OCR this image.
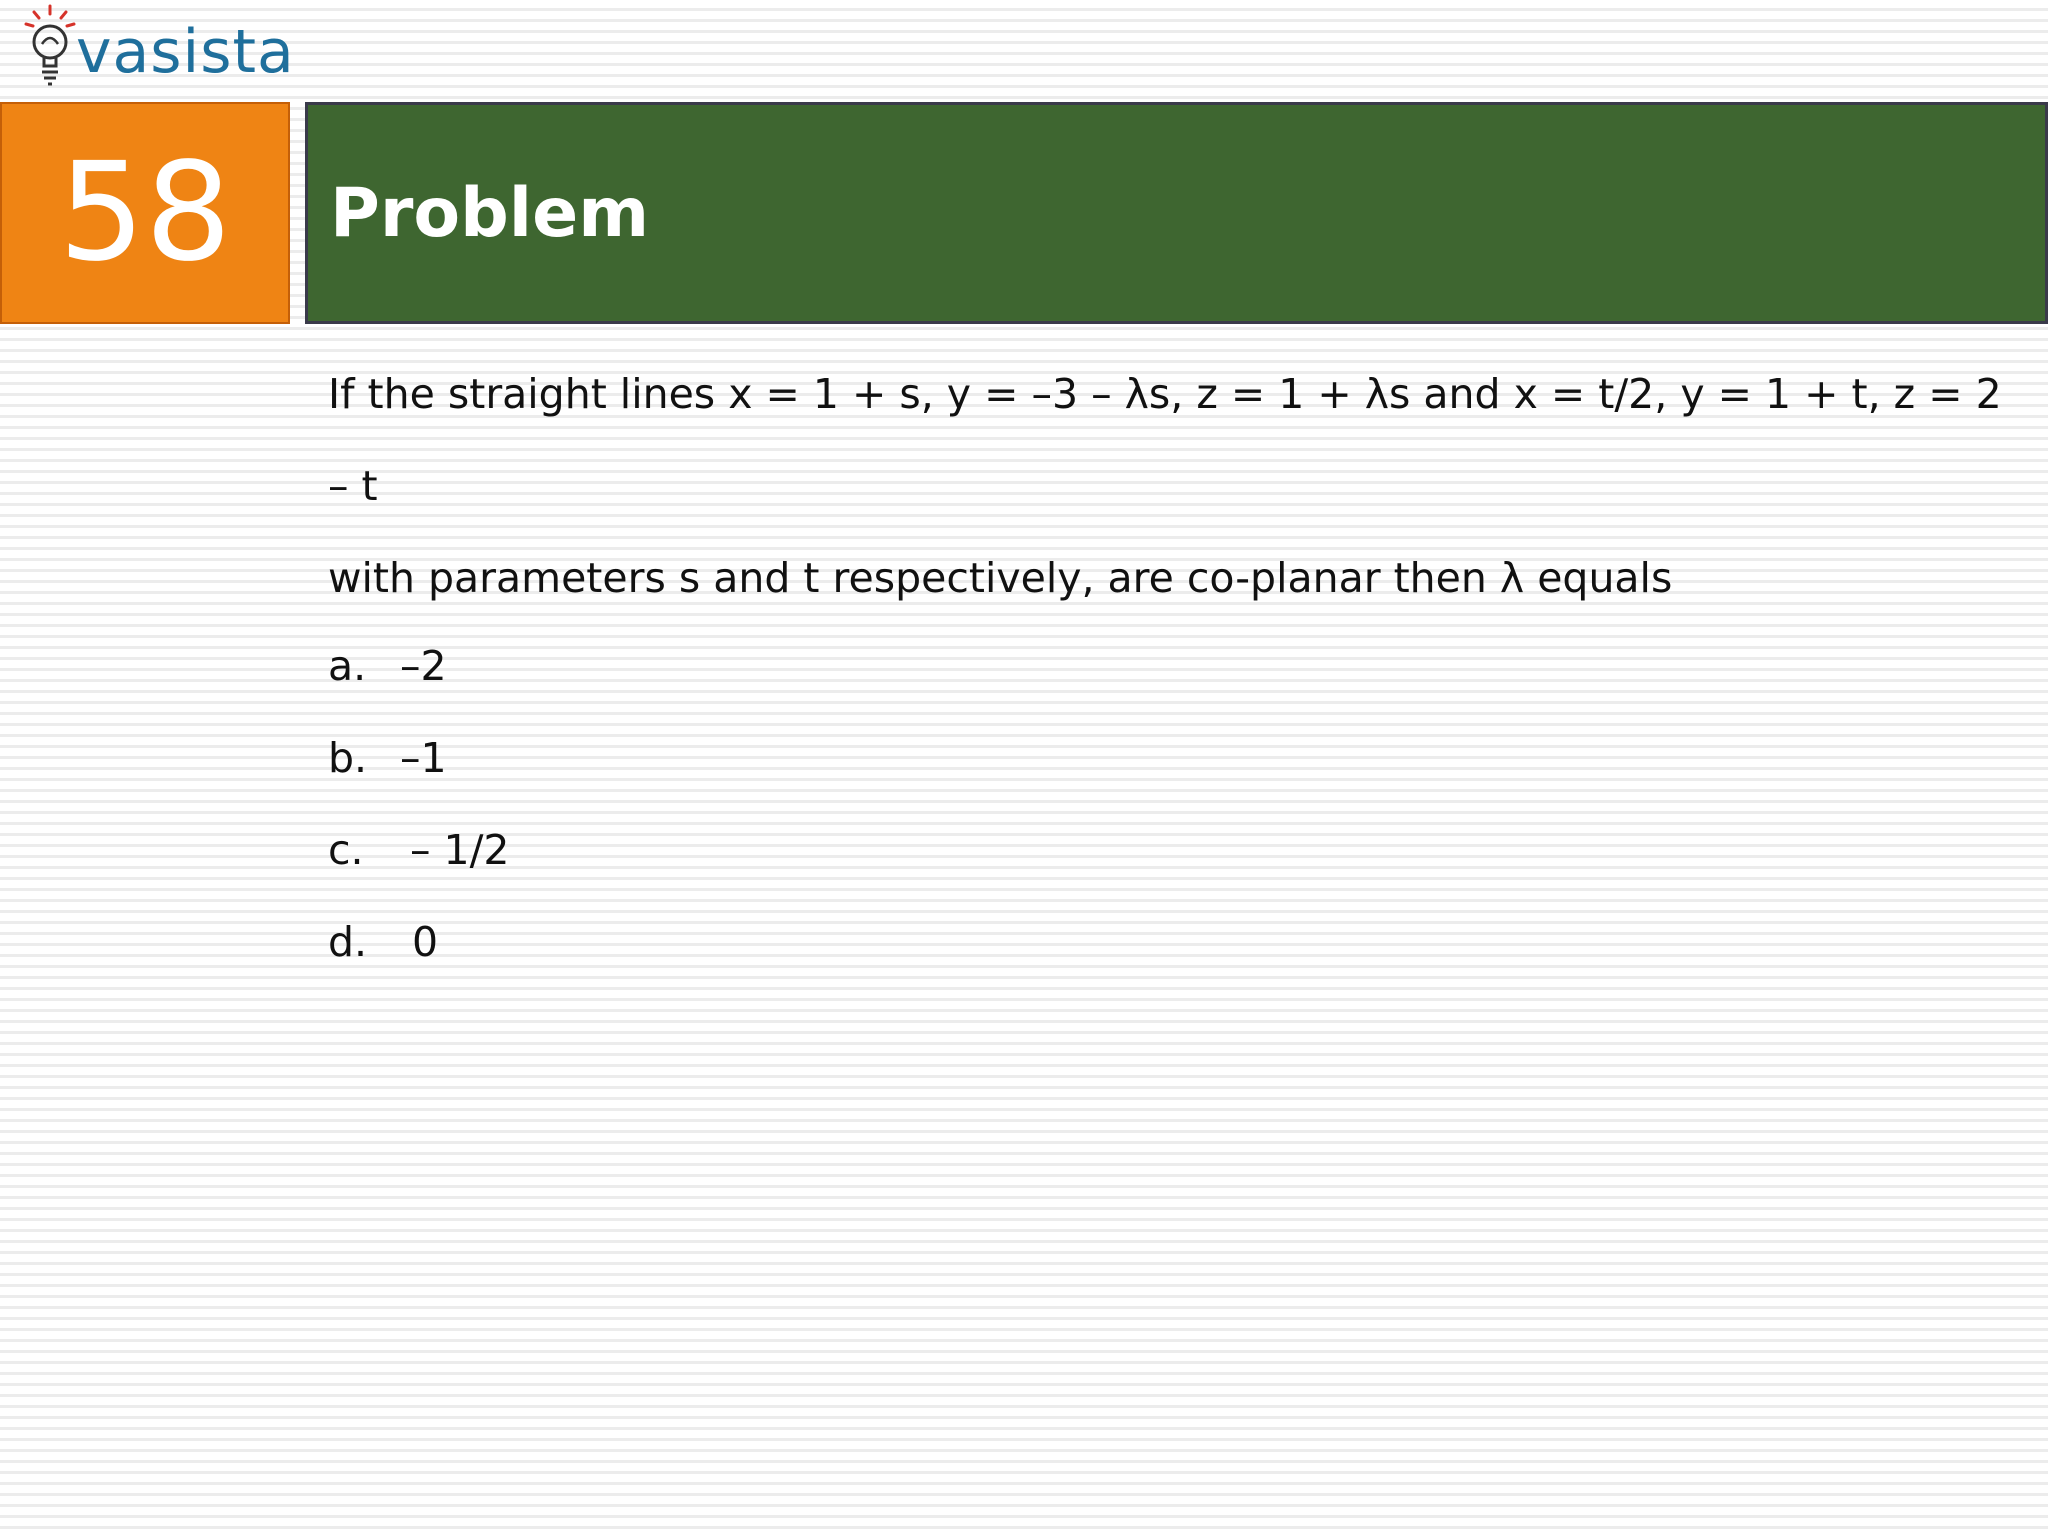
vasista
58 Problem

If the straight lines x = 1 + s, y = –3 – λs, z = 1 + λs and x = t/2, y = 1 + t, z = 2 – t
with parameters s and t respectively, are co-planar then λ equals

a. –2
b. –1
c.	– 1/2
d.	0
